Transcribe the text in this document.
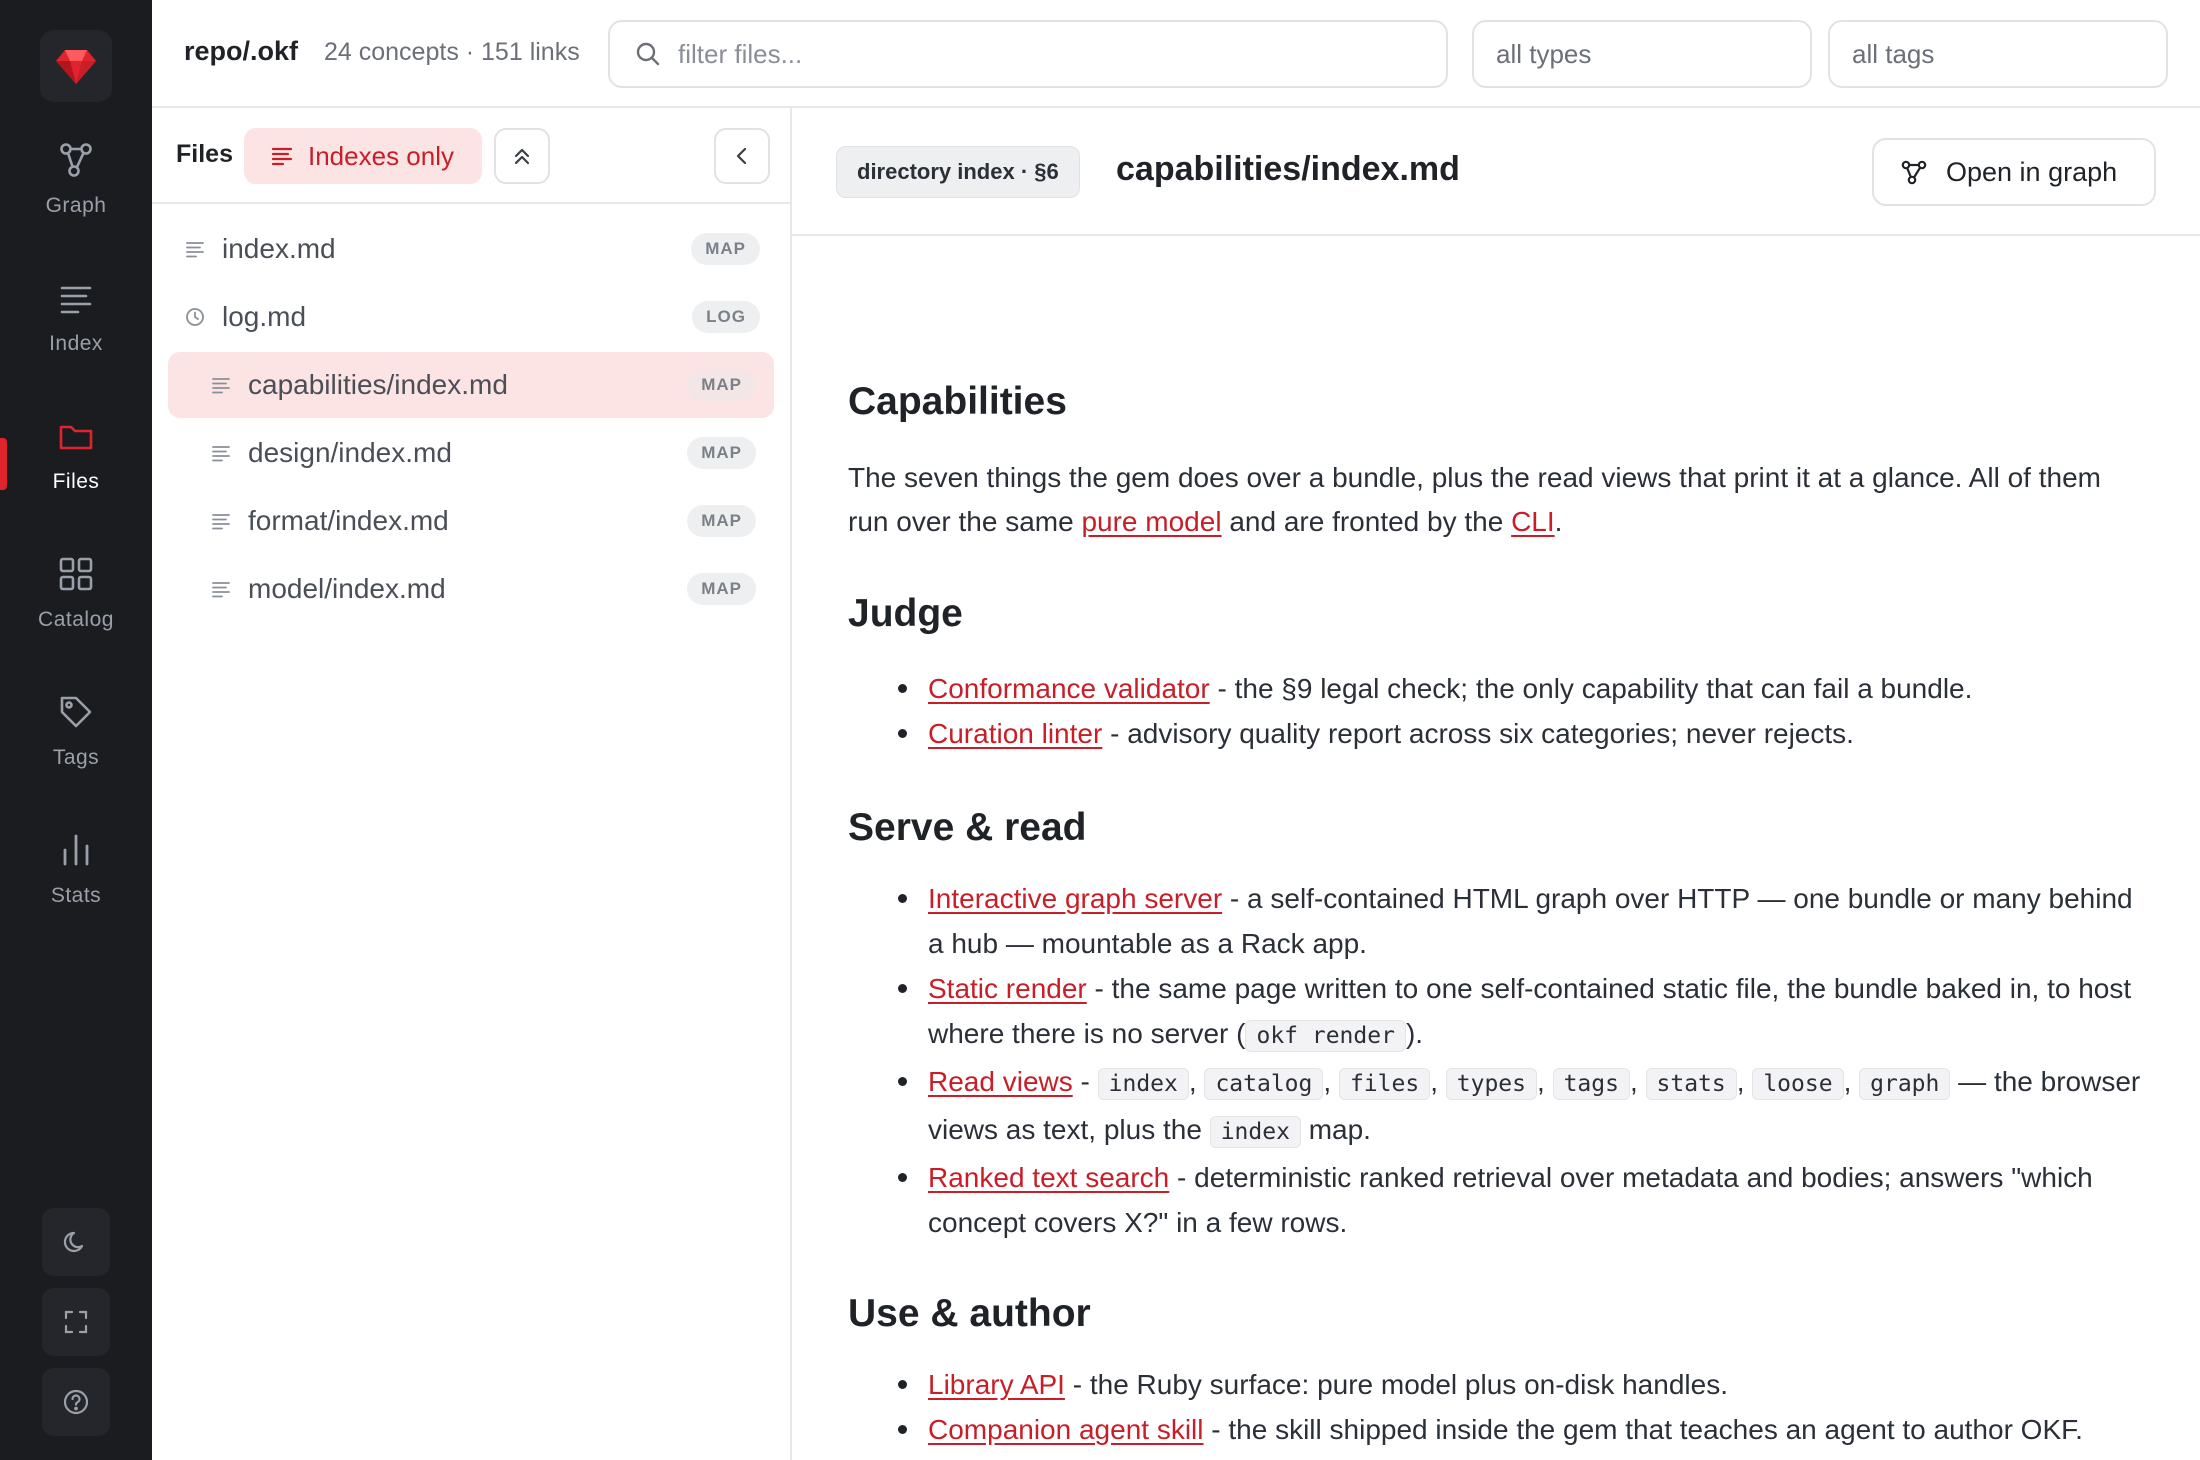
Graph
Index
Files
Catalog
Tags
Stats
repo/.okf 24 concepts · 151 links
filter files...	all types	all tags
Files	Indexes only
index.md	MAP
log.md	LOG
capabilities/index.md	MAP
design/index.md	MAP
format/index.md	MAP
model/index.md	MAP
directory index · §6	capabilities/index.md	Open in graph
Capabilities

The seven things the gem does over a bundle, plus the read views that print it at a glance. All of them run over the same pure model and are fronted by the CLI.

Judge
Conformance validator - the §9 legal check; the only capability that can fail a bundle.
Curation linter - advisory quality report across six categories; never rejects.
Serve & read
Interactive graph server - a self-contained HTML graph over HTTP — one bundle or many behind a hub — mountable as a Rack app.
Static render - the same page written to one self-contained static file, the bundle baked in, to host where there is no server ( okf render ).
Read views - index , catalog , files , types , tags , stats , loose , graph — the browser views as text, plus the index map.
Ranked text search - deterministic ranked retrieval over metadata and bodies; answers "which concept covers X?" in a few rows.
Use & author
Library API - the Ruby surface: pure model plus on-disk handles.
Companion agent skill - the skill shipped inside the gem that teaches an agent to author OKF.
